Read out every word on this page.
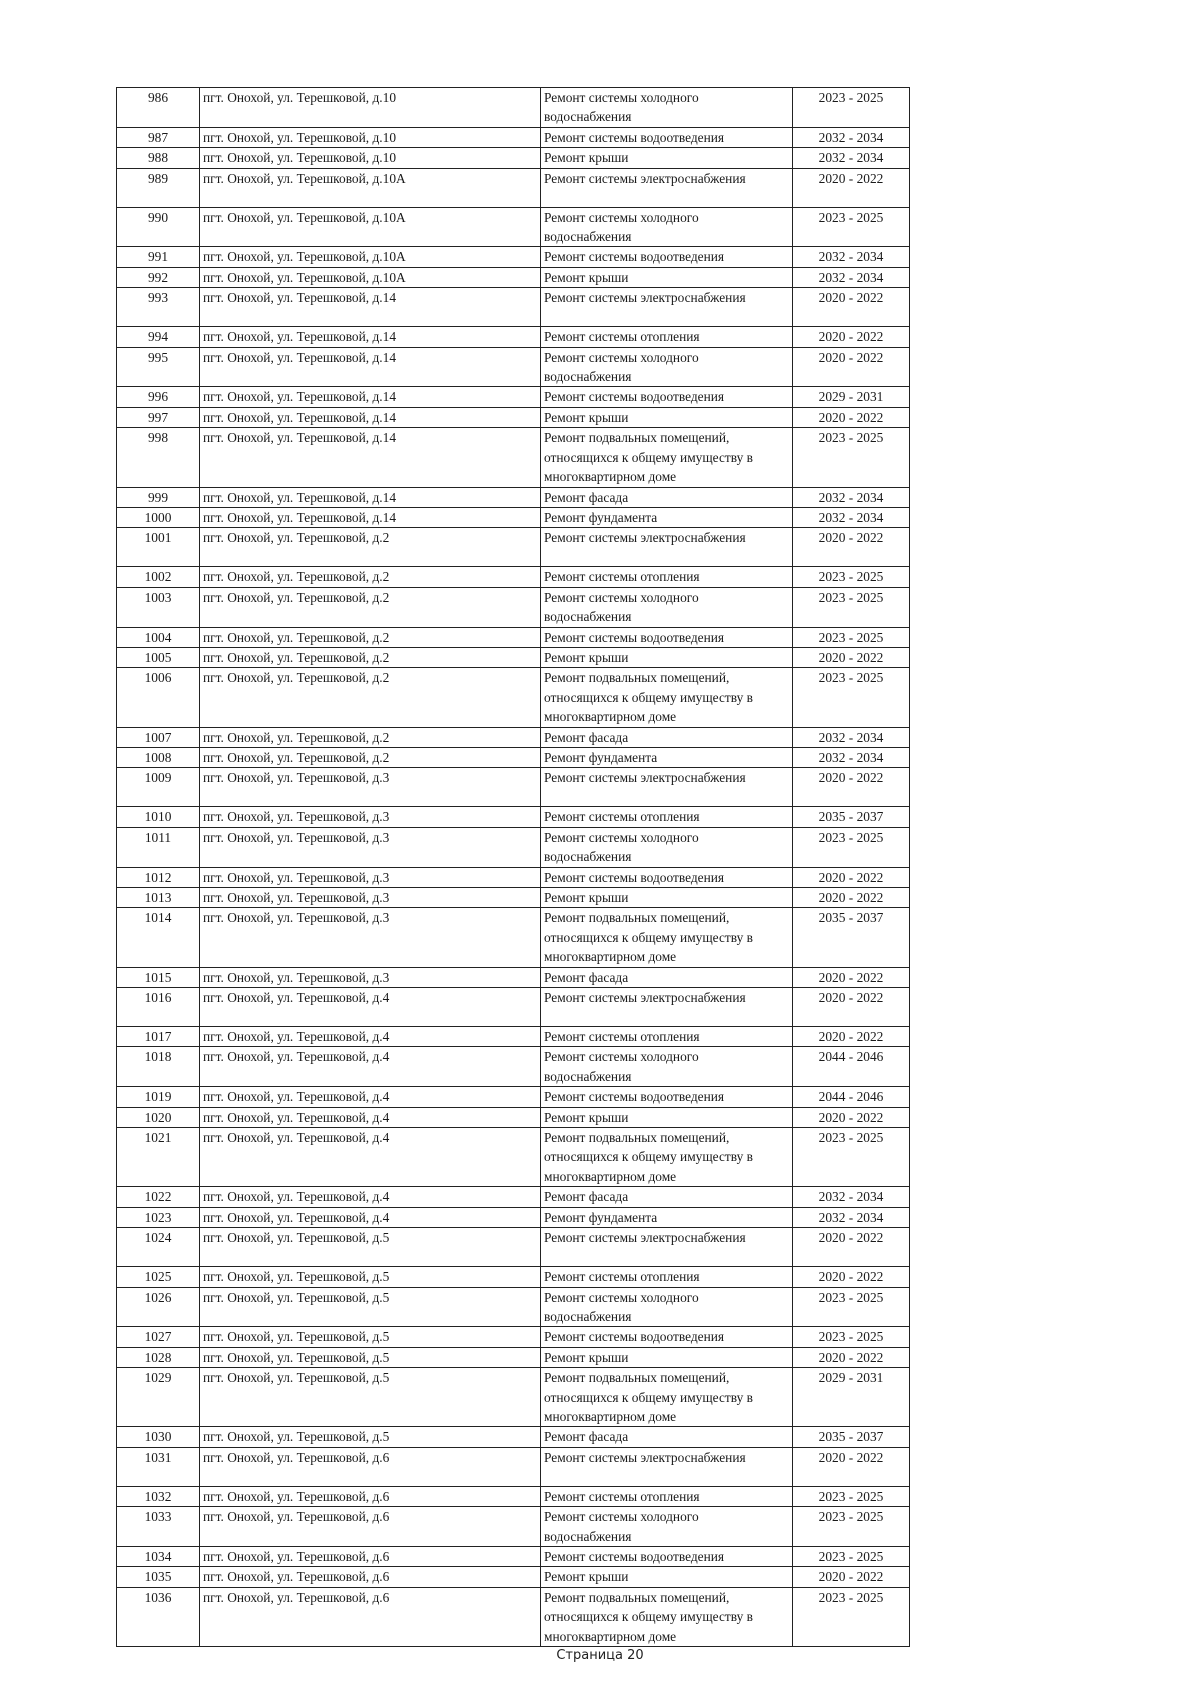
986	пгт. Онохой, ул. Терешковой, д.10	Ремонт системы холодного водоснабжения	2023 - 2025
987	пгт. Онохой, ул. Терешковой, д.10	Ремонт системы водоотведения	2032 - 2034
988	пгт. Онохой, ул. Терешковой, д.10	Ремонт крыши	2032 - 2034
989	пгт. Онохой, ул. Терешковой, д.10А	Ремонт системы электроснабжения	2020 - 2022
990	пгт. Онохой, ул. Терешковой, д.10А	Ремонт системы холодного водоснабжения	2023 - 2025
991	пгт. Онохой, ул. Терешковой, д.10А	Ремонт системы водоотведения	2032 - 2034
992	пгт. Онохой, ул. Терешковой, д.10А	Ремонт крыши	2032 - 2034
993	пгт. Онохой, ул. Терешковой, д.14	Ремонт системы электроснабжения	2020 - 2022
994	пгт. Онохой, ул. Терешковой, д.14	Ремонт системы отопления	2020 - 2022
995	пгт. Онохой, ул. Терешковой, д.14	Ремонт системы холодного водоснабжения	2020 - 2022
996	пгт. Онохой, ул. Терешковой, д.14	Ремонт системы водоотведения	2029 - 2031
997	пгт. Онохой, ул. Терешковой, д.14	Ремонт крыши	2020 - 2022
998	пгт. Онохой, ул. Терешковой, д.14	Ремонт подвальных помещений, относящихся к общему имуществу в многоквартирном доме	2023 - 2025
999	пгт. Онохой, ул. Терешковой, д.14	Ремонт фасада	2032 - 2034
1000	пгт. Онохой, ул. Терешковой, д.14	Ремонт фундамента	2032 - 2034
1001	пгт. Онохой, ул. Терешковой, д.2	Ремонт системы электроснабжения	2020 - 2022
1002	пгт. Онохой, ул. Терешковой, д.2	Ремонт системы отопления	2023 - 2025
1003	пгт. Онохой, ул. Терешковой, д.2	Ремонт системы холодного водоснабжения	2023 - 2025
1004	пгт. Онохой, ул. Терешковой, д.2	Ремонт системы водоотведения	2023 - 2025
1005	пгт. Онохой, ул. Терешковой, д.2	Ремонт крыши	2020 - 2022
1006	пгт. Онохой, ул. Терешковой, д.2	Ремонт подвальных помещений, относящихся к общему имуществу в многоквартирном доме	2023 - 2025
1007	пгт. Онохой, ул. Терешковой, д.2	Ремонт фасада	2032 - 2034
1008	пгт. Онохой, ул. Терешковой, д.2	Ремонт фундамента	2032 - 2034
1009	пгт. Онохой, ул. Терешковой, д.3	Ремонт системы электроснабжения	2020 - 2022
1010	пгт. Онохой, ул. Терешковой, д.3	Ремонт системы отопления	2035 - 2037
1011	пгт. Онохой, ул. Терешковой, д.3	Ремонт системы холодного водоснабжения	2023 - 2025
1012	пгт. Онохой, ул. Терешковой, д.3	Ремонт системы водоотведения	2020 - 2022
1013	пгт. Онохой, ул. Терешковой, д.3	Ремонт крыши	2020 - 2022
1014	пгт. Онохой, ул. Терешковой, д.3	Ремонт подвальных помещений, относящихся к общему имуществу в многоквартирном доме	2035 - 2037
1015	пгт. Онохой, ул. Терешковой, д.3	Ремонт фасада	2020 - 2022
1016	пгт. Онохой, ул. Терешковой, д.4	Ремонт системы электроснабжения	2020 - 2022
1017	пгт. Онохой, ул. Терешковой, д.4	Ремонт системы отопления	2020 - 2022
1018	пгт. Онохой, ул. Терешковой, д.4	Ремонт системы холодного водоснабжения	2044 - 2046
1019	пгт. Онохой, ул. Терешковой, д.4	Ремонт системы водоотведения	2044 - 2046
1020	пгт. Онохой, ул. Терешковой, д.4	Ремонт крыши	2020 - 2022
1021	пгт. Онохой, ул. Терешковой, д.4	Ремонт подвальных помещений, относящихся к общему имуществу в многоквартирном доме	2023 - 2025
1022	пгт. Онохой, ул. Терешковой, д.4	Ремонт фасада	2032 - 2034
1023	пгт. Онохой, ул. Терешковой, д.4	Ремонт фундамента	2032 - 2034
1024	пгт. Онохой, ул. Терешковой, д.5	Ремонт системы электроснабжения	2020 - 2022
1025	пгт. Онохой, ул. Терешковой, д.5	Ремонт системы отопления	2020 - 2022
1026	пгт. Онохой, ул. Терешковой, д.5	Ремонт системы холодного водоснабжения	2023 - 2025
1027	пгт. Онохой, ул. Терешковой, д.5	Ремонт системы водоотведения	2023 - 2025
1028	пгт. Онохой, ул. Терешковой, д.5	Ремонт крыши	2020 - 2022
1029	пгт. Онохой, ул. Терешковой, д.5	Ремонт подвальных помещений, относящихся к общему имуществу в многоквартирном доме	2029 - 2031
1030	пгт. Онохой, ул. Терешковой, д.5	Ремонт фасада	2035 - 2037
1031	пгт. Онохой, ул. Терешковой, д.6	Ремонт системы электроснабжения	2020 - 2022
1032	пгт. Онохой, ул. Терешковой, д.6	Ремонт системы отопления	2023 - 2025
1033	пгт. Онохой, ул. Терешковой, д.6	Ремонт системы холодного водоснабжения	2023 - 2025
1034	пгт. Онохой, ул. Терешковой, д.6	Ремонт системы водоотведения	2023 - 2025
1035	пгт. Онохой, ул. Терешковой, д.6	Ремонт крыши	2020 - 2022
1036	пгт. Онохой, ул. Терешковой, д.6	Ремонт подвальных помещений, относящихся к общему имуществу в многоквартирном доме	2023 - 2025
Страница 20
